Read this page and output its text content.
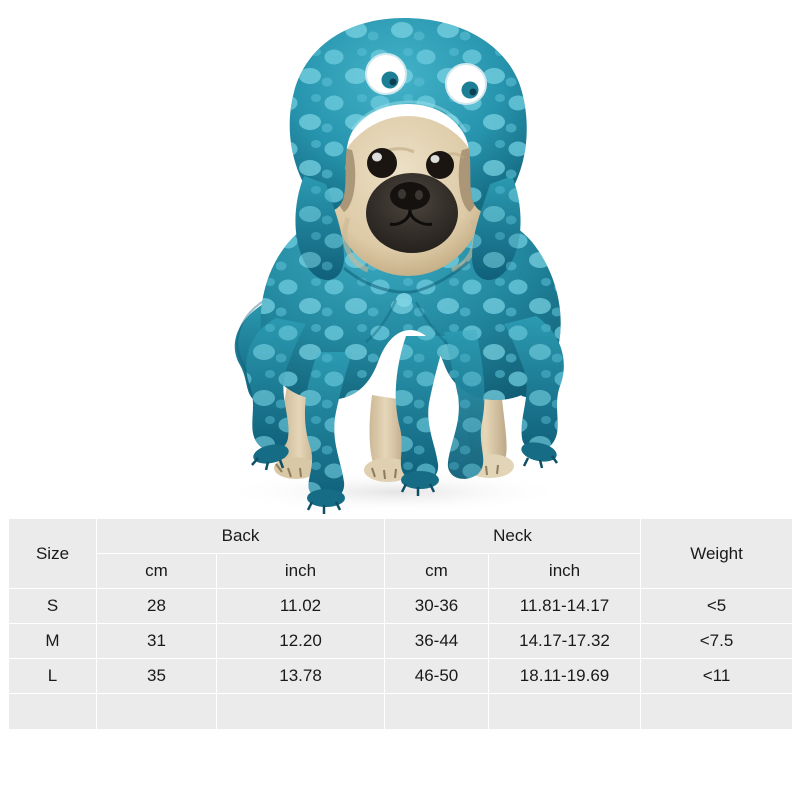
Size	Back		Neck		Weight
	cm	inch	cm	inch	
S	28	11.02	30-36	11.81-14.17	<5
M	31	12.20	36-44	14.17-17.32	<7.5
L	35	13.78	46-50	18.11-19.69	<11
